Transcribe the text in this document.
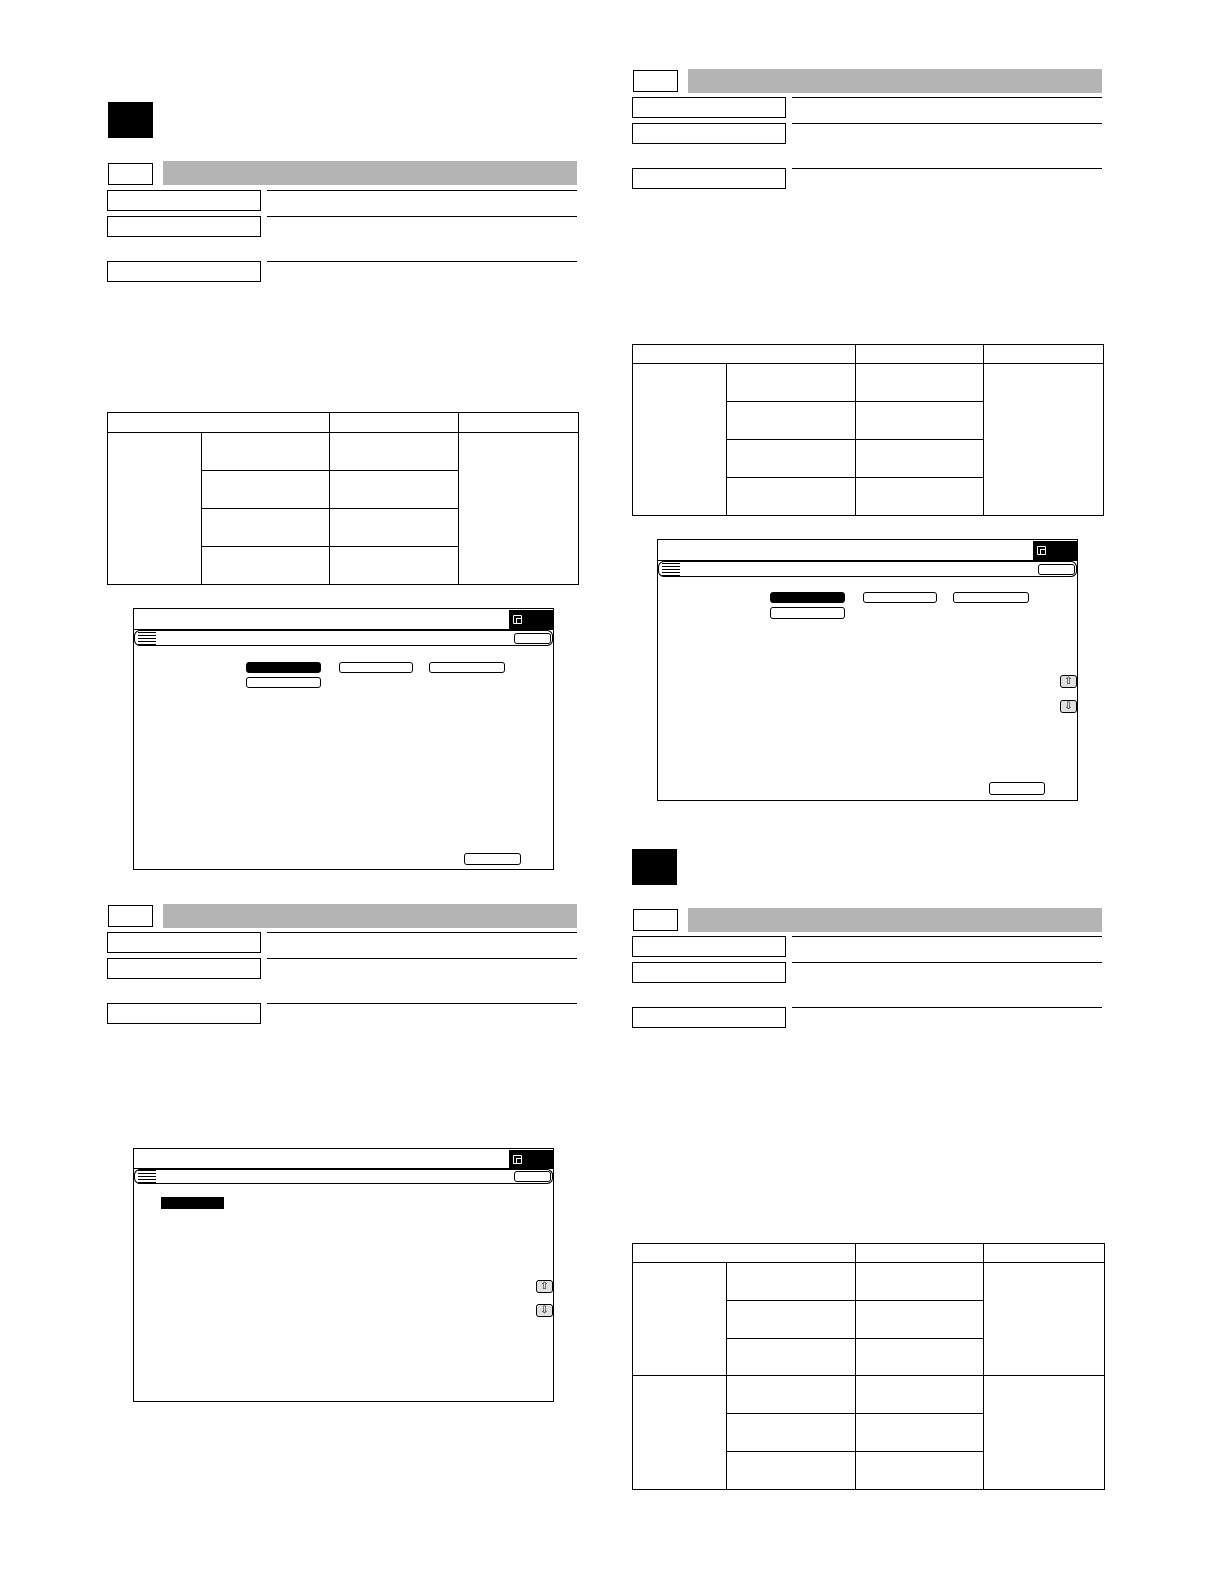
⇧
⇩

⇧
⇩
